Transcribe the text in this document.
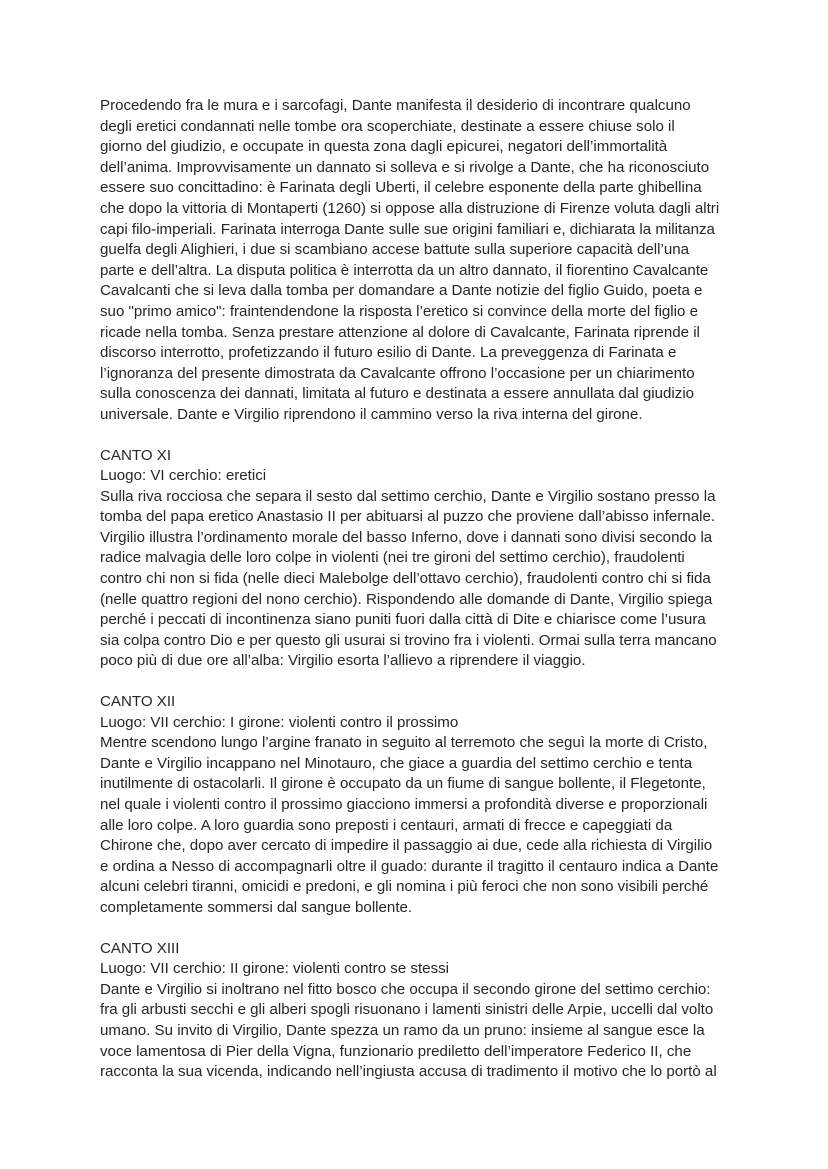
Procedendo fra le mura e i sarcofagi, Dante manifesta il desiderio di incontrare qualcuno
degli eretici condannati nelle tombe ora scoperchiate, destinate a essere chiuse solo il
giorno del giudizio, e occupate in questa zona dagli epicurei, negatori dell’immortalità
dell’anima. Improvvisamente un dannato si solleva e si rivolge a Dante, che ha riconosciuto
essere suo concittadino: è Farinata degli Uberti, il celebre esponente della parte ghibellina
che dopo la vittoria di Montaperti (1260) si oppose alla distruzione di Firenze voluta dagli altri
capi filo-imperiali. Farinata interroga Dante sulle sue origini familiari e, dichiarata la militanza
guelfa degli Alighieri, i due si scambiano accese battute sulla superiore capacità dell’una
parte e dell’altra. La disputa politica è interrotta da un altro dannato, il fiorentino Cavalcante
Cavalcanti che si leva dalla tomba per domandare a Dante notizie del figlio Guido, poeta e
suo "primo amico": fraintendendone la risposta l’eretico si convince della morte del figlio e
ricade nella tomba. Senza prestare attenzione al dolore di Cavalcante, Farinata riprende il
discorso interrotto, profetizzando il futuro esilio di Dante. La preveggenza di Farinata e
l’ignoranza del presente dimostrata da Cavalcante offrono l’occasione per un chiarimento
sulla conoscenza dei dannati, limitata al futuro e destinata a essere annullata dal giudizio
universale. Dante e Virgilio riprendono il cammino verso la riva interna del girone.

CANTO XI
Luogo: VI cerchio: eretici
Sulla riva rocciosa che separa il sesto dal settimo cerchio, Dante e Virgilio sostano presso la
tomba del papa eretico Anastasio II per abituarsi al puzzo che proviene dall’abisso infernale.
Virgilio illustra l’ordinamento morale del basso Inferno, dove i dannati sono divisi secondo la
radice malvagia delle loro colpe in violenti (nei tre gironi del settimo cerchio), fraudolenti
contro chi non si fida (nelle dieci Malebolge dell’ottavo cerchio), fraudolenti contro chi si fida
(nelle quattro regioni del nono cerchio). Rispondendo alle domande di Dante, Virgilio spiega
perché i peccati di incontinenza siano puniti fuori dalla città di Dite e chiarisce come l’usura
sia colpa contro Dio e per questo gli usurai si trovino fra i violenti. Ormai sulla terra mancano
poco più di due ore all’alba: Virgilio esorta l’allievo a riprendere il viaggio.
CANTO XII
Luogo: VII cerchio: I girone: violenti contro il prossimo
Mentre scendono lungo l’argine franato in seguito al terremoto che seguì la morte di Cristo,
Dante e Virgilio incappano nel Minotauro, che giace a guardia del settimo cerchio e tenta
inutilmente di ostacolarli. Il girone è occupato da un fiume di sangue bollente, il Flegetonte,
nel quale i violenti contro il prossimo giacciono immersi a profondità diverse e proporzionali
alle loro colpe. A loro guardia sono preposti i centauri, armati di frecce e capeggiati da
Chirone che, dopo aver cercato di impedire il passaggio ai due, cede alla richiesta di Virgilio
e ordina a Nesso di accompagnarli oltre il guado: durante il tragitto il centauro indica a Dante
alcuni celebri tiranni, omicidi e predoni, e gli nomina i più feroci che non sono visibili perché
completamente sommersi dal sangue bollente.
CANTO XIII
Luogo: VII cerchio: II girone: violenti contro se stessi
Dante e Virgilio si inoltrano nel fitto bosco che occupa il secondo girone del settimo cerchio:
fra gli arbusti secchi e gli alberi spogli risuonano i lamenti sinistri delle Arpie, uccelli dal volto
umano. Su invito di Virgilio, Dante spezza un ramo da un pruno: insieme al sangue esce la
voce lamentosa di Pier della Vigna, funzionario prediletto dell’imperatore Federico II, che
racconta la sua vicenda, indicando nell’ingiusta accusa di tradimento il motivo che lo portò al
